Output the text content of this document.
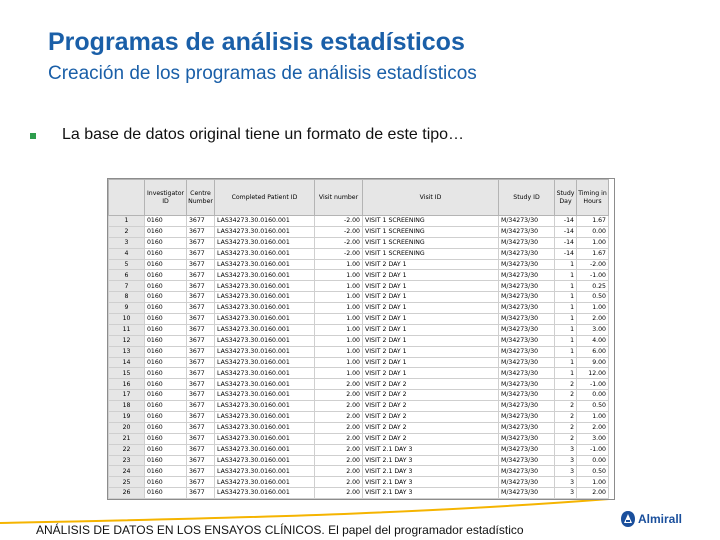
Programas de análisis estadísticos
Creación de los programas de análisis estadísticos
La base de datos original tiene un formato de este tipo…
	Investigator ID	Centre Number	Completed Patient ID	Visit number	Visit ID	Study ID	Study Day	Timing in Hours
1	0160	3677	LAS34273.30.0160.001	-2.00	VISIT 1 SCREENING	M/34273/30	-14	1.67
2	0160	3677	LAS34273.30.0160.001	-2.00	VISIT 1 SCREENING	M/34273/30	-14	0.00
3	0160	3677	LAS34273.30.0160.001	-2.00	VISIT 1 SCREENING	M/34273/30	-14	1.00
4	0160	3677	LAS34273.30.0160.001	-2.00	VISIT 1 SCREENING	M/34273/30	-14	1.67
5	0160	3677	LAS34273.30.0160.001	1.00	VISIT 2 DAY 1	M/34273/30	1	-2.00
6	0160	3677	LAS34273.30.0160.001	1.00	VISIT 2 DAY 1	M/34273/30	1	-1.00
7	0160	3677	LAS34273.30.0160.001	1.00	VISIT 2 DAY 1	M/34273/30	1	0.25
8	0160	3677	LAS34273.30.0160.001	1.00	VISIT 2 DAY 1	M/34273/30	1	0.50
9	0160	3677	LAS34273.30.0160.001	1.00	VISIT 2 DAY 1	M/34273/30	1	1.00
10	0160	3677	LAS34273.30.0160.001	1.00	VISIT 2 DAY 1	M/34273/30	1	2.00
11	0160	3677	LAS34273.30.0160.001	1.00	VISIT 2 DAY 1	M/34273/30	1	3.00
12	0160	3677	LAS34273.30.0160.001	1.00	VISIT 2 DAY 1	M/34273/30	1	4.00
13	0160	3677	LAS34273.30.0160.001	1.00	VISIT 2 DAY 1	M/34273/30	1	6.00
14	0160	3677	LAS34273.30.0160.001	1.00	VISIT 2 DAY 1	M/34273/30	1	9.00
15	0160	3677	LAS34273.30.0160.001	1.00	VISIT 2 DAY 1	M/34273/30	1	12.00
16	0160	3677	LAS34273.30.0160.001	2.00	VISIT 2 DAY 2	M/34273/30	2	-1.00
17	0160	3677	LAS34273.30.0160.001	2.00	VISIT 2 DAY 2	M/34273/30	2	0.00
18	0160	3677	LAS34273.30.0160.001	2.00	VISIT 2 DAY 2	M/34273/30	2	0.50
19	0160	3677	LAS34273.30.0160.001	2.00	VISIT 2 DAY 2	M/34273/30	2	1.00
20	0160	3677	LAS34273.30.0160.001	2.00	VISIT 2 DAY 2	M/34273/30	2	2.00
21	0160	3677	LAS34273.30.0160.001	2.00	VISIT 2 DAY 2	M/34273/30	2	3.00
22	0160	3677	LAS34273.30.0160.001	2.00	VISIT 2.1 DAY 3	M/34273/30	3	-1.00
23	0160	3677	LAS34273.30.0160.001	2.00	VISIT 2.1 DAY 3	M/34273/30	3	0.00
24	0160	3677	LAS34273.30.0160.001	2.00	VISIT 2.1 DAY 3	M/34273/30	3	0.50
25	0160	3677	LAS34273.30.0160.001	2.00	VISIT 2.1 DAY 3	M/34273/30	3	1.00
26	0160	3677	LAS34273.30.0160.001	2.00	VISIT 2.1 DAY 3	M/34273/30	3	2.00
ANÁLISIS DE DATOS EN LOS ENSAYOS CLÍNICOS. El papel del programador estadístico
Almirall
